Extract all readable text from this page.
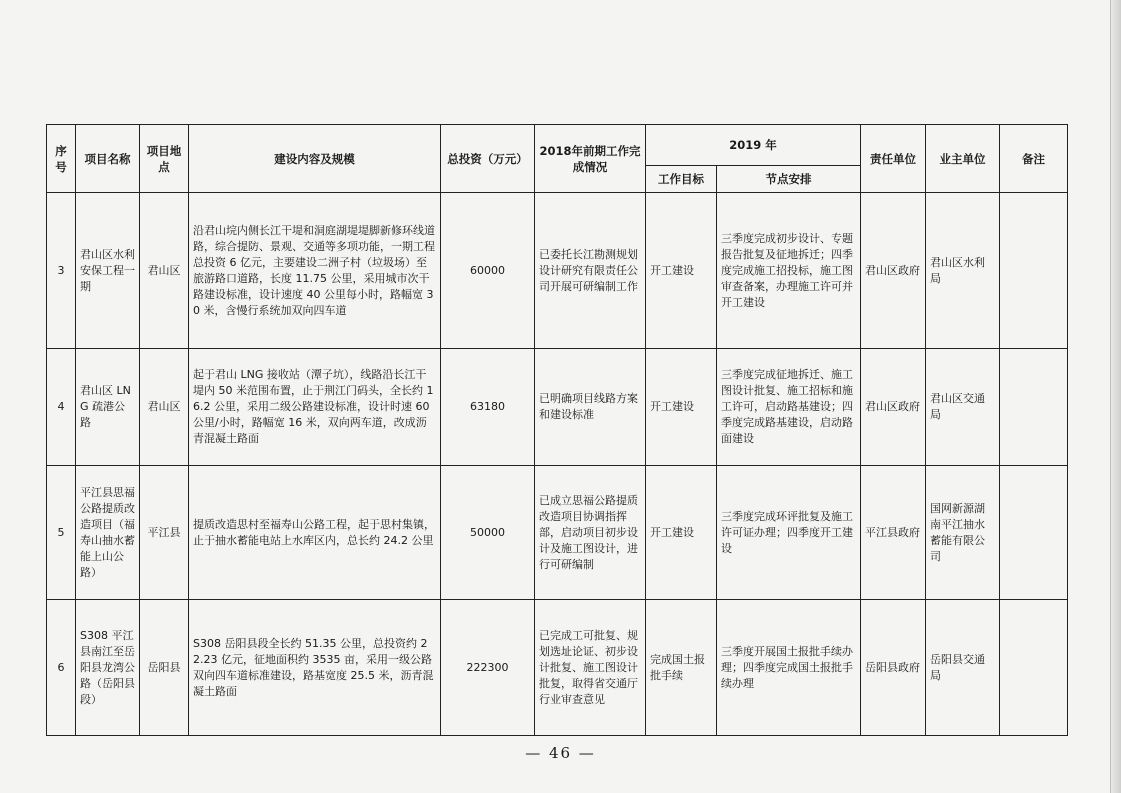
序号	项目名称	项目地点	建设内容及规模	总投资（万元）	2018年前期工作完成情况	2019 年		责任单位	业主单位	备注
						工作目标	节点安排			
3	君山区水利安保工程一期	君山区	沿君山垸内侧长江干堤和洞庭湖堤堤脚新修环线道路，综合提防、景观、交通等多项功能，一期工程总投资 6 亿元，主要建设二洲子村（垃圾场）至旅游路口道路，长度 11.75 公里，采用城市次干路建设标准，设计速度 40 公里每小时，路幅宽 30 米，含慢行系统加双向四车道	60000	已委托长江勘测规划设计研究有限责任公司开展可研编制工作	开工建设	三季度完成初步设计、专题报告批复及征地拆迁；四季度完成施工招投标，施工图审查备案，办理施工许可并开工建设	君山区政府	君山区水利局	
4	君山区 LNG 疏港公路	君山区	起于君山 LNG 接收站（潭子坑），线路沿长江干堤内 50 米范围布置，止于荆江门码头，全长约 16.2 公里，采用二级公路建设标准，设计时速 60 公里/小时，路幅宽 16 米，双向两车道，改成沥青混凝土路面	63180	已明确项目线路方案和建设标准	开工建设	三季度完成征地拆迁、施工图设计批复、施工招标和施工许可，启动路基建设；四季度完成路基建设，启动路面建设	君山区政府	君山区交通局	
5	平江县思福公路提质改造项目（福寿山抽水蓄能上山公路）	平江县	提质改造思村至福寿山公路工程，起于思村集镇，止于抽水蓄能电站上水库区内，总长约 24.2 公里	50000	已成立思福公路提质改造项目协调指挥部，启动项目初步设计及施工图设计，进行可研编制	开工建设	三季度完成环评批复及施工许可证办理；四季度开工建设	平江县政府	国网新源湖南平江抽水蓄能有限公司	
6	S308 平江县南江至岳阳县龙湾公路（岳阳县段）	岳阳县	S308 岳阳县段全长约 51.35 公里，总投资约 22.23 亿元，征地面积约 3535 亩，采用一级公路双向四车道标准建设，路基宽度 25.5 米，沥青混凝土路面	222300	已完成工可批复、规划选址论证、初步设计批复、施工图设计批复，取得省交通厅行业审查意见	完成国土报批手续	三季度开展国土报批手续办理；四季度完成国土报批手续办理	岳阳县政府	岳阳县交通局	
— 46 —
